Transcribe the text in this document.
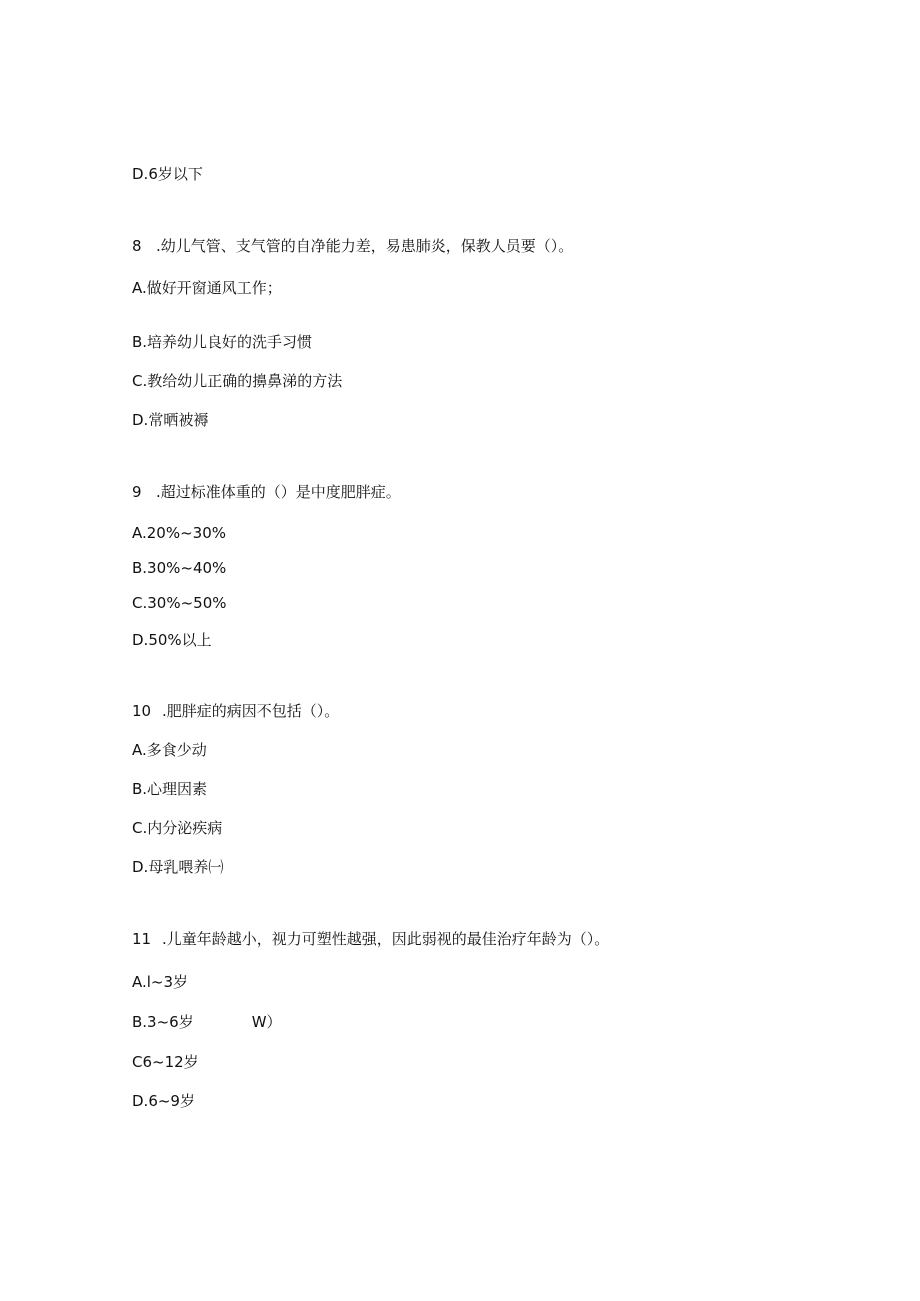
D.6岁以下
8 .幼儿气管、支气管的自净能力差，易患肺炎，保教人员要（）。
A.做好开窗通风工作；
B.培养幼儿良好的洗手习惯
C.教给幼儿正确的擤鼻涕的方法
D.常晒被褥
9 .超过标准体重的（）是中度肥胖症。
A.20%~30%
B.30%~40%
C.30%~50%
D.50%以上
10 .肥胖症的病因不包括（）。
A.多食少动
B.心理因素
C.内分泌疾病
D.母乳喂养㈠
11 .儿童年龄越小，视力可塑性越强，因此弱视的最佳治疗年龄为（）。
A.l~3岁
B.3~6岁	W）
C6~12岁
D.6~9岁
